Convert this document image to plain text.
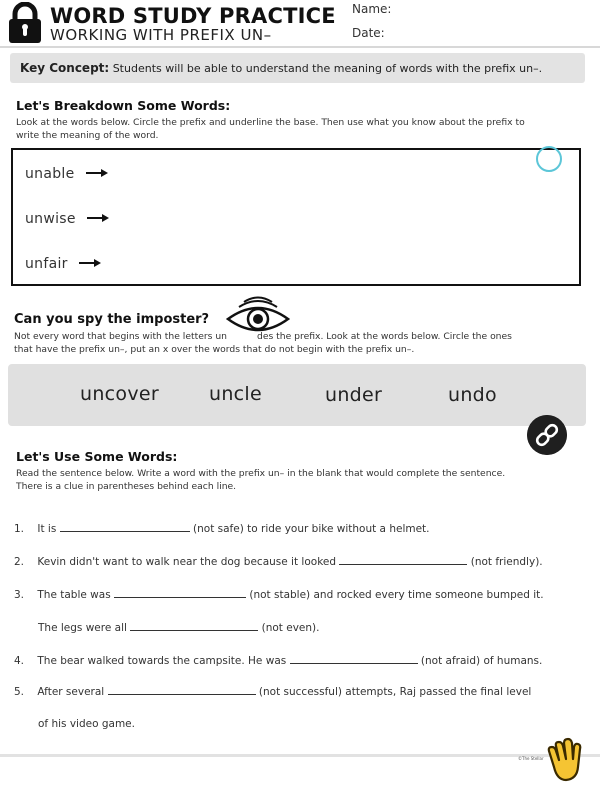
WORD STUDY PRACTICE
WORKING WITH PREFIX UN–
Name:
Date:
Key Concept: Students will be able to understand the meaning of words with the prefix un–.
Let's Breakdown Some Words:
Look at the words below. Circle the prefix and underline the base. Then use what you know about the prefix to
write the meaning of the word.
unable
unwise
unfair
Can you spy the imposter?
Not every word that begins with the letters un	des the prefix. Look at the words below. Circle the ones
that have the prefix un–, put an x over the words that do not begin with the prefix un–.
uncover	uncle	under	undo
Let's Use Some Words:
Read the sentence below. Write a word with the prefix un– in the blank that would complete the sentence.
There is a clue in parentheses behind each line.
1. It is	(not safe) to ride your bike without a helmet.
2. Kevin didn't want to walk near the dog because it looked	(not friendly).
3. The table was	(not stable) and rocked every time someone bumped it.
The legs were all	(not even).
4. The bear walked towards the campsite. He was	(not afraid) of humans.
5. After several	(not successful) attempts, Raj passed the final level
of his video game.
©The Stellar
